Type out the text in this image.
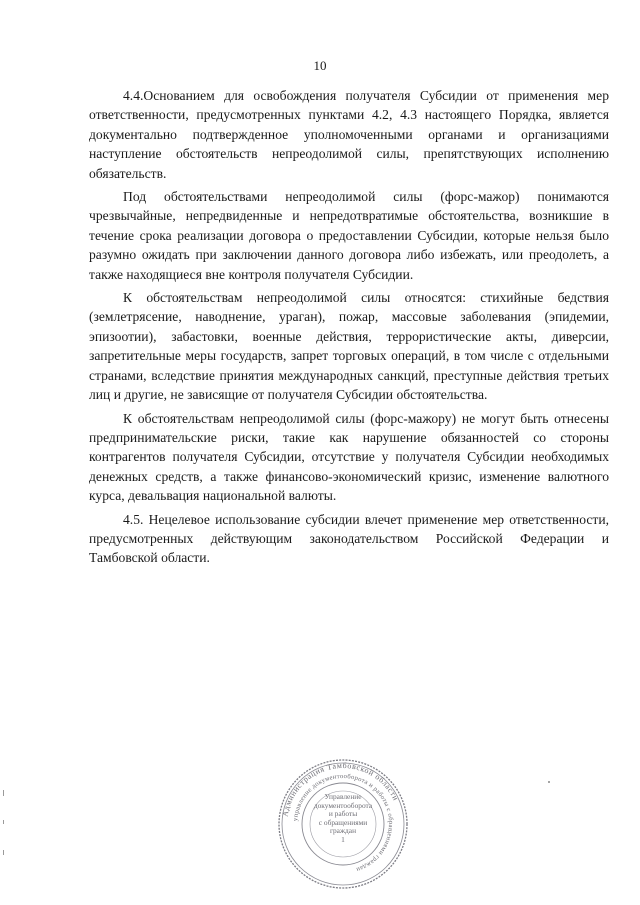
10

4.4.Основанием для освобождения получателя Субсидии от применения мер ответственности, предусмотренных пунктами 4.2, 4.3 настоящего Порядка, является документально подтвержденное уполномоченными органами и организациями наступление обстоятельств непреодолимой силы, препятствующих исполнению обязательств.

Под обстоятельствами непреодолимой силы (форс-мажор) понимаются чрезвычайные, непредвиденные и непредотвратимые обстоятельства, возникшие в течение срока реализации договора о предоставлении Субсидии, которые нельзя было разумно ожидать при заключении данного договора либо избежать, или преодолеть, а также находящиеся вне контроля получателя Субсидии.

К обстоятельствам непреодолимой силы относятся: стихийные бедствия (землетрясение, наводнение, ураган), пожар, массовые заболевания (эпидемии, эпизоотии), забастовки, военные действия, террористические акты, диверсии, запретительные меры государств, запрет торговых операций, в том числе с отдельными странами, вследствие принятия международных санкций, преступные действия третьих лиц и другие, не зависящие от получателя Субсидии обстоятельства.

К обстоятельствам непреодолимой силы (форс-мажору) не могут быть отнесены предпринимательские риски, такие как нарушение обязанностей со стороны контрагентов получателя Субсидии, отсутствие у получателя Субсидии необходимых денежных средств, а также финансово-экономический кризис, изменение валютного курса, девальвация национальной валюты.

4.5. Нецелевое использование субсидии влечет применение мер ответственности, предусмотренных действующим законодательством Российской Федерации и Тамбовской области.

Администрация Тамбовской области
управление документооборота и работы с обращениями граждан
Управление
документооборота
и работы
с обращениями
граждан
1
